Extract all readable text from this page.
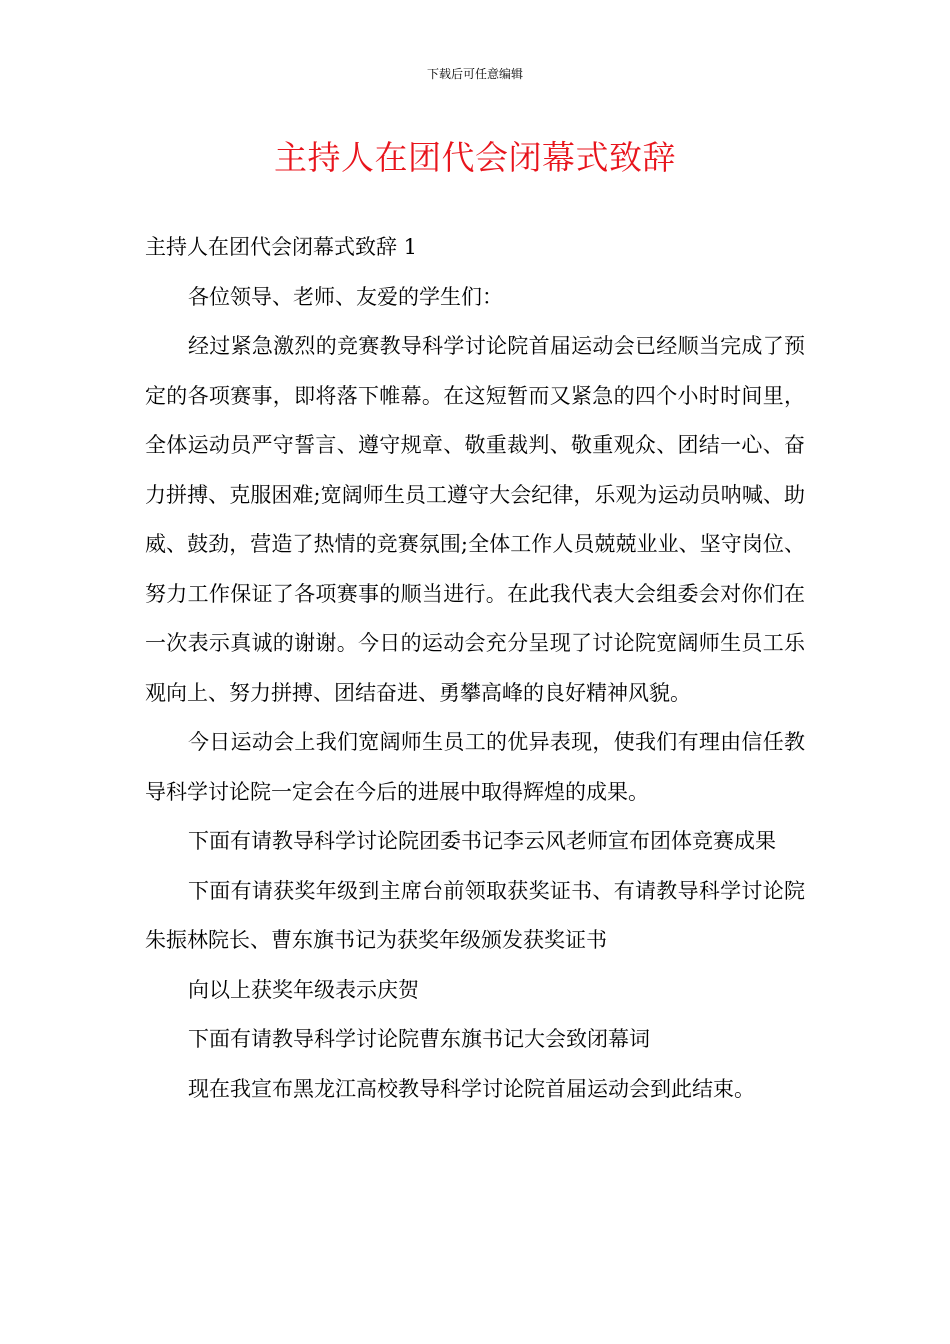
下载后可任意编辑
主持人在团代会闭幕式致辞

主持人在团代会闭幕式致辞 1

各位领导、老师、友爱的学生们：

经过紧急激烈的竞赛教导科学讨论院首届运动会已经顺当完成了预定的各项赛事，即将落下帷幕。在这短暂而又紧急的四个小时时间里，全体运动员严守誓言、遵守规章、敬重裁判、敬重观众、团结一心、奋力拼搏、克服困难;宽阔师生员工遵守大会纪律，乐观为运动员呐喊、助威、鼓劲，营造了热情的竞赛氛围;全体工作人员兢兢业业、坚守岗位、努力工作保证了各项赛事的顺当进行。在此我代表大会组委会对你们在一次表示真诚的谢谢。今日的运动会充分呈现了讨论院宽阔师生员工乐观向上、努力拼搏、团结奋进、勇攀高峰的良好精神风貌。

今日运动会上我们宽阔师生员工的优异表现，使我们有理由信任教导科学讨论院一定会在今后的进展中取得辉煌的成果。

下面有请教导科学讨论院团委书记李云风老师宣布团体竞赛成果

下面有请获奖年级到主席台前领取获奖证书、有请教导科学讨论院朱振林院长、曹东旗书记为获奖年级颁发获奖证书

向以上获奖年级表示庆贺

下面有请教导科学讨论院曹东旗书记大会致闭幕词

现在我宣布黑龙江高校教导科学讨论院首届运动会到此结束。
